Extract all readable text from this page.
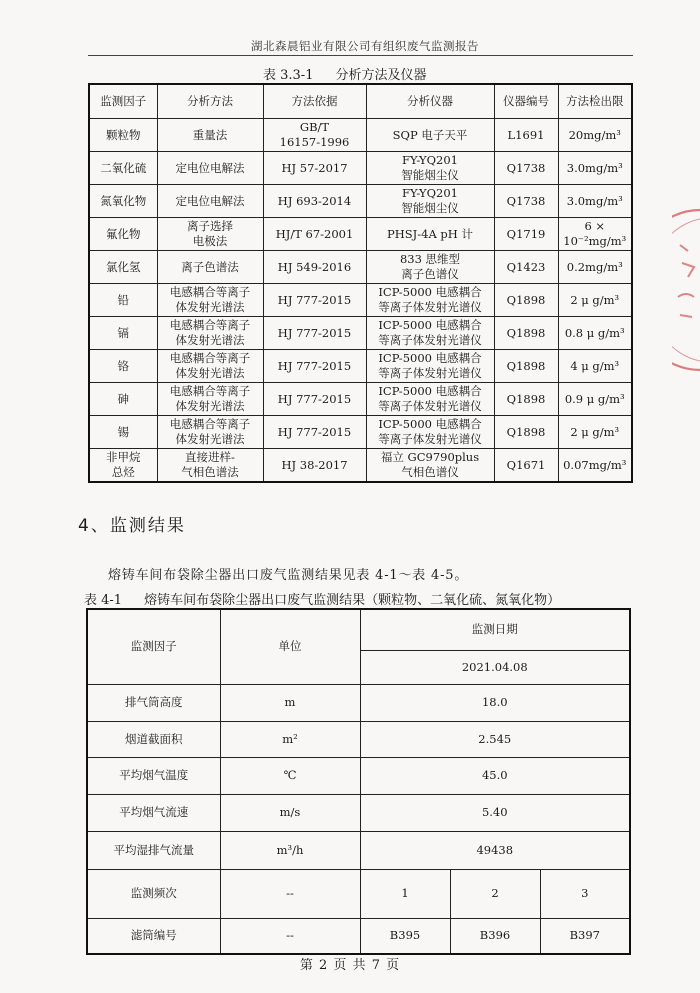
湖北森晨铝业有限公司有组织废气监测报告
表 3.3-1 分析方法及仪器
监测因子	分析方法	方法依据	分析仪器	仪器编号	方法检出限
颗粒物	重量法	GB/T
16157-1996	SQP 电子天平	L1691	20mg/m³
二氧化硫	定电位电解法	HJ 57-2017	FY-YQ201
智能烟尘仪	Q1738	3.0mg/m³
氮氧化物	定电位电解法	HJ 693-2014	FY-YQ201
智能烟尘仪	Q1738	3.0mg/m³
氟化物	离子选择
电极法	HJ/T 67-2001	PHSJ-4A pH 计	Q1719	6 × 10⁻²mg/m³
氯化氢	离子色谱法	HJ 549-2016	833 思维型
离子色谱仪	Q1423	0.2mg/m³
铅	电感耦合等离子
体发射光谱法	HJ 777-2015	ICP-5000 电感耦合
等离子体发射光谱仪	Q1898	2 μ g/m³
镉	电感耦合等离子
体发射光谱法	HJ 777-2015	ICP-5000 电感耦合
等离子体发射光谱仪	Q1898	0.8 μ g/m³
铬	电感耦合等离子
体发射光谱法	HJ 777-2015	ICP-5000 电感耦合
等离子体发射光谱仪	Q1898	4 μ g/m³
砷	电感耦合等离子
体发射光谱法	HJ 777-2015	ICP-5000 电感耦合
等离子体发射光谱仪	Q1898	0.9 μ g/m³
锡	电感耦合等离子
体发射光谱法	HJ 777-2015	ICP-5000 电感耦合
等离子体发射光谱仪	Q1898	2 μ g/m³
非甲烷
总烃	直接进样-
气相色谱法	HJ 38-2017	福立 GC9790plus
气相色谱仪	Q1671	0.07mg/m³
4、监测结果
熔铸车间布袋除尘器出口废气监测结果见表 4-1～表 4-5。
表 4-1 熔铸车间布袋除尘器出口废气监测结果（颗粒物、二氧化硫、氮氧化物）
监测因子	单位	监测日期		
		2021.04.08		
排气筒高度	m	18.0		
烟道截面积	m²	2.545		
平均烟气温度	℃	45.0		
平均烟气流速	m/s	5.40		
平均湿排气流量	m³/h	49438		
监测频次	--	1	2	3
滤筒编号	--	B395	B396	B397
第 2 页 共 7 页
